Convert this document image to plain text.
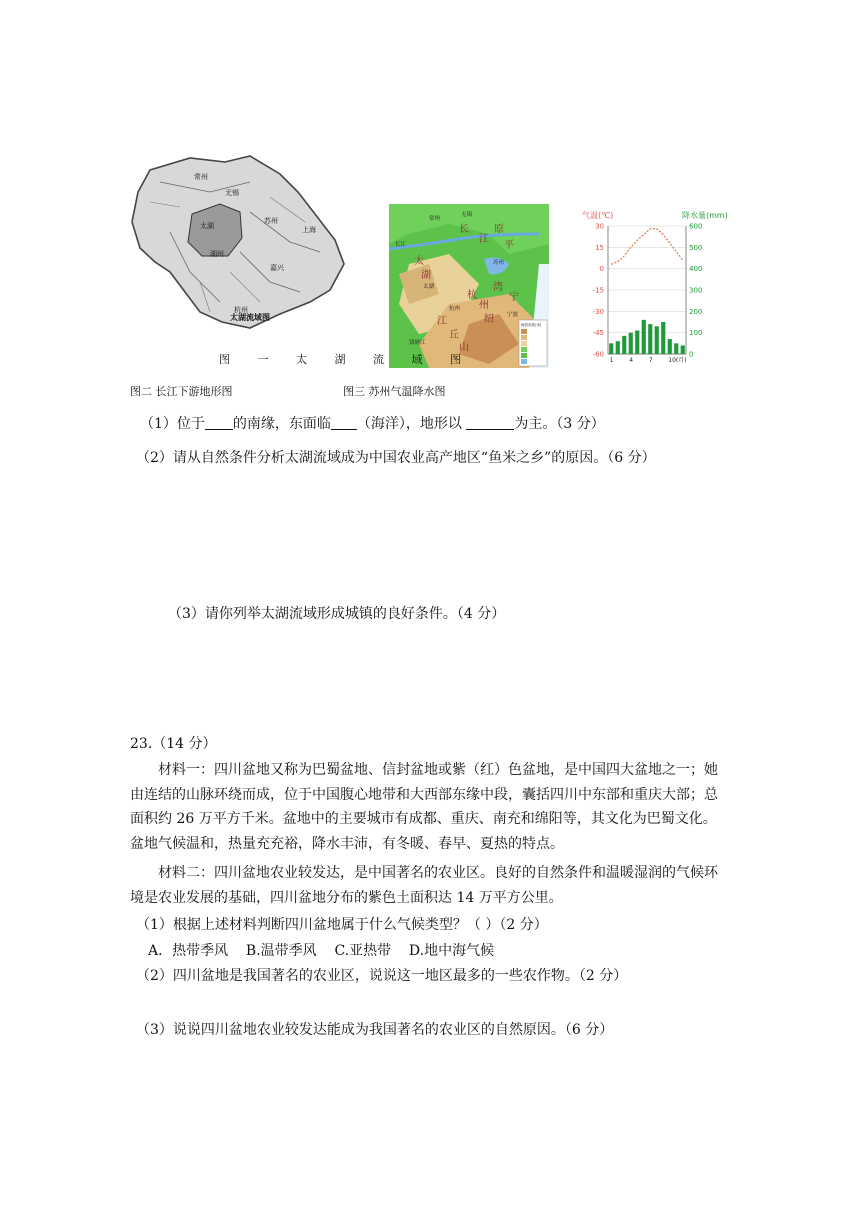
常州
无锡
苏州
上海
湖州
嘉兴
杭州
太湖
太湖流域图
长
江
原
平
太
湖
宁
绍
江
杭
州
湾
山
丘
常州
无锡
苏州
太湖
杭州
宁波
长江
钱塘江
海拔高度(米)
气温(℃)	降水量(mm)
30
15
0
-15
-30
-45
-60
600
500
400
300
200
100
0
1	4	7	10(月)
图 一 太 湖 流 域 图
图二 长江下游地形图	图三 苏州气温降水图
（1）位于 的南缘，东面临 （海洋），地形以	为主。（3 分）
（2）请从自然条件分析太湖流域成为中国农业高产地区“鱼米之乡”的原因。（6 分）
（3）请你列举太湖流域形成城镇的良好条件。（4 分）
23.（14 分）
材料一：四川盆地又称为巴蜀盆地、信封盆地或紫（红）色盆地，是中国四大盆地之一；她由连结的山脉环绕而成，位于中国腹心地带和大西部东缘中段，囊括四川中东部和重庆大部；总面积约 26 万平方千米。盆地中的主要城市有成都、重庆、南充和绵阳等，其文化为巴蜀文化。盆地气候温和，热量充充裕，降水丰沛，有冬暖、春早、夏热的特点。
材料二：四川盆地农业较发达，是中国著名的农业区。良好的自然条件和温暖湿润的气候环境是农业发展的基础，四川盆地分布的紫色土面积达 14 万平方公里。
（1）根据上述材料判断四川盆地属于什么气候类型？（ ）（2 分）
A．热带季风    B.温带季风    C.亚热带    D.地中海气候
（2）四川盆地是我国著名的农业区，说说这一地区最多的一些农作物。（2 分）
（3）说说四川盆地农业较发达能成为我国著名的农业区的自然原因。（6 分）
